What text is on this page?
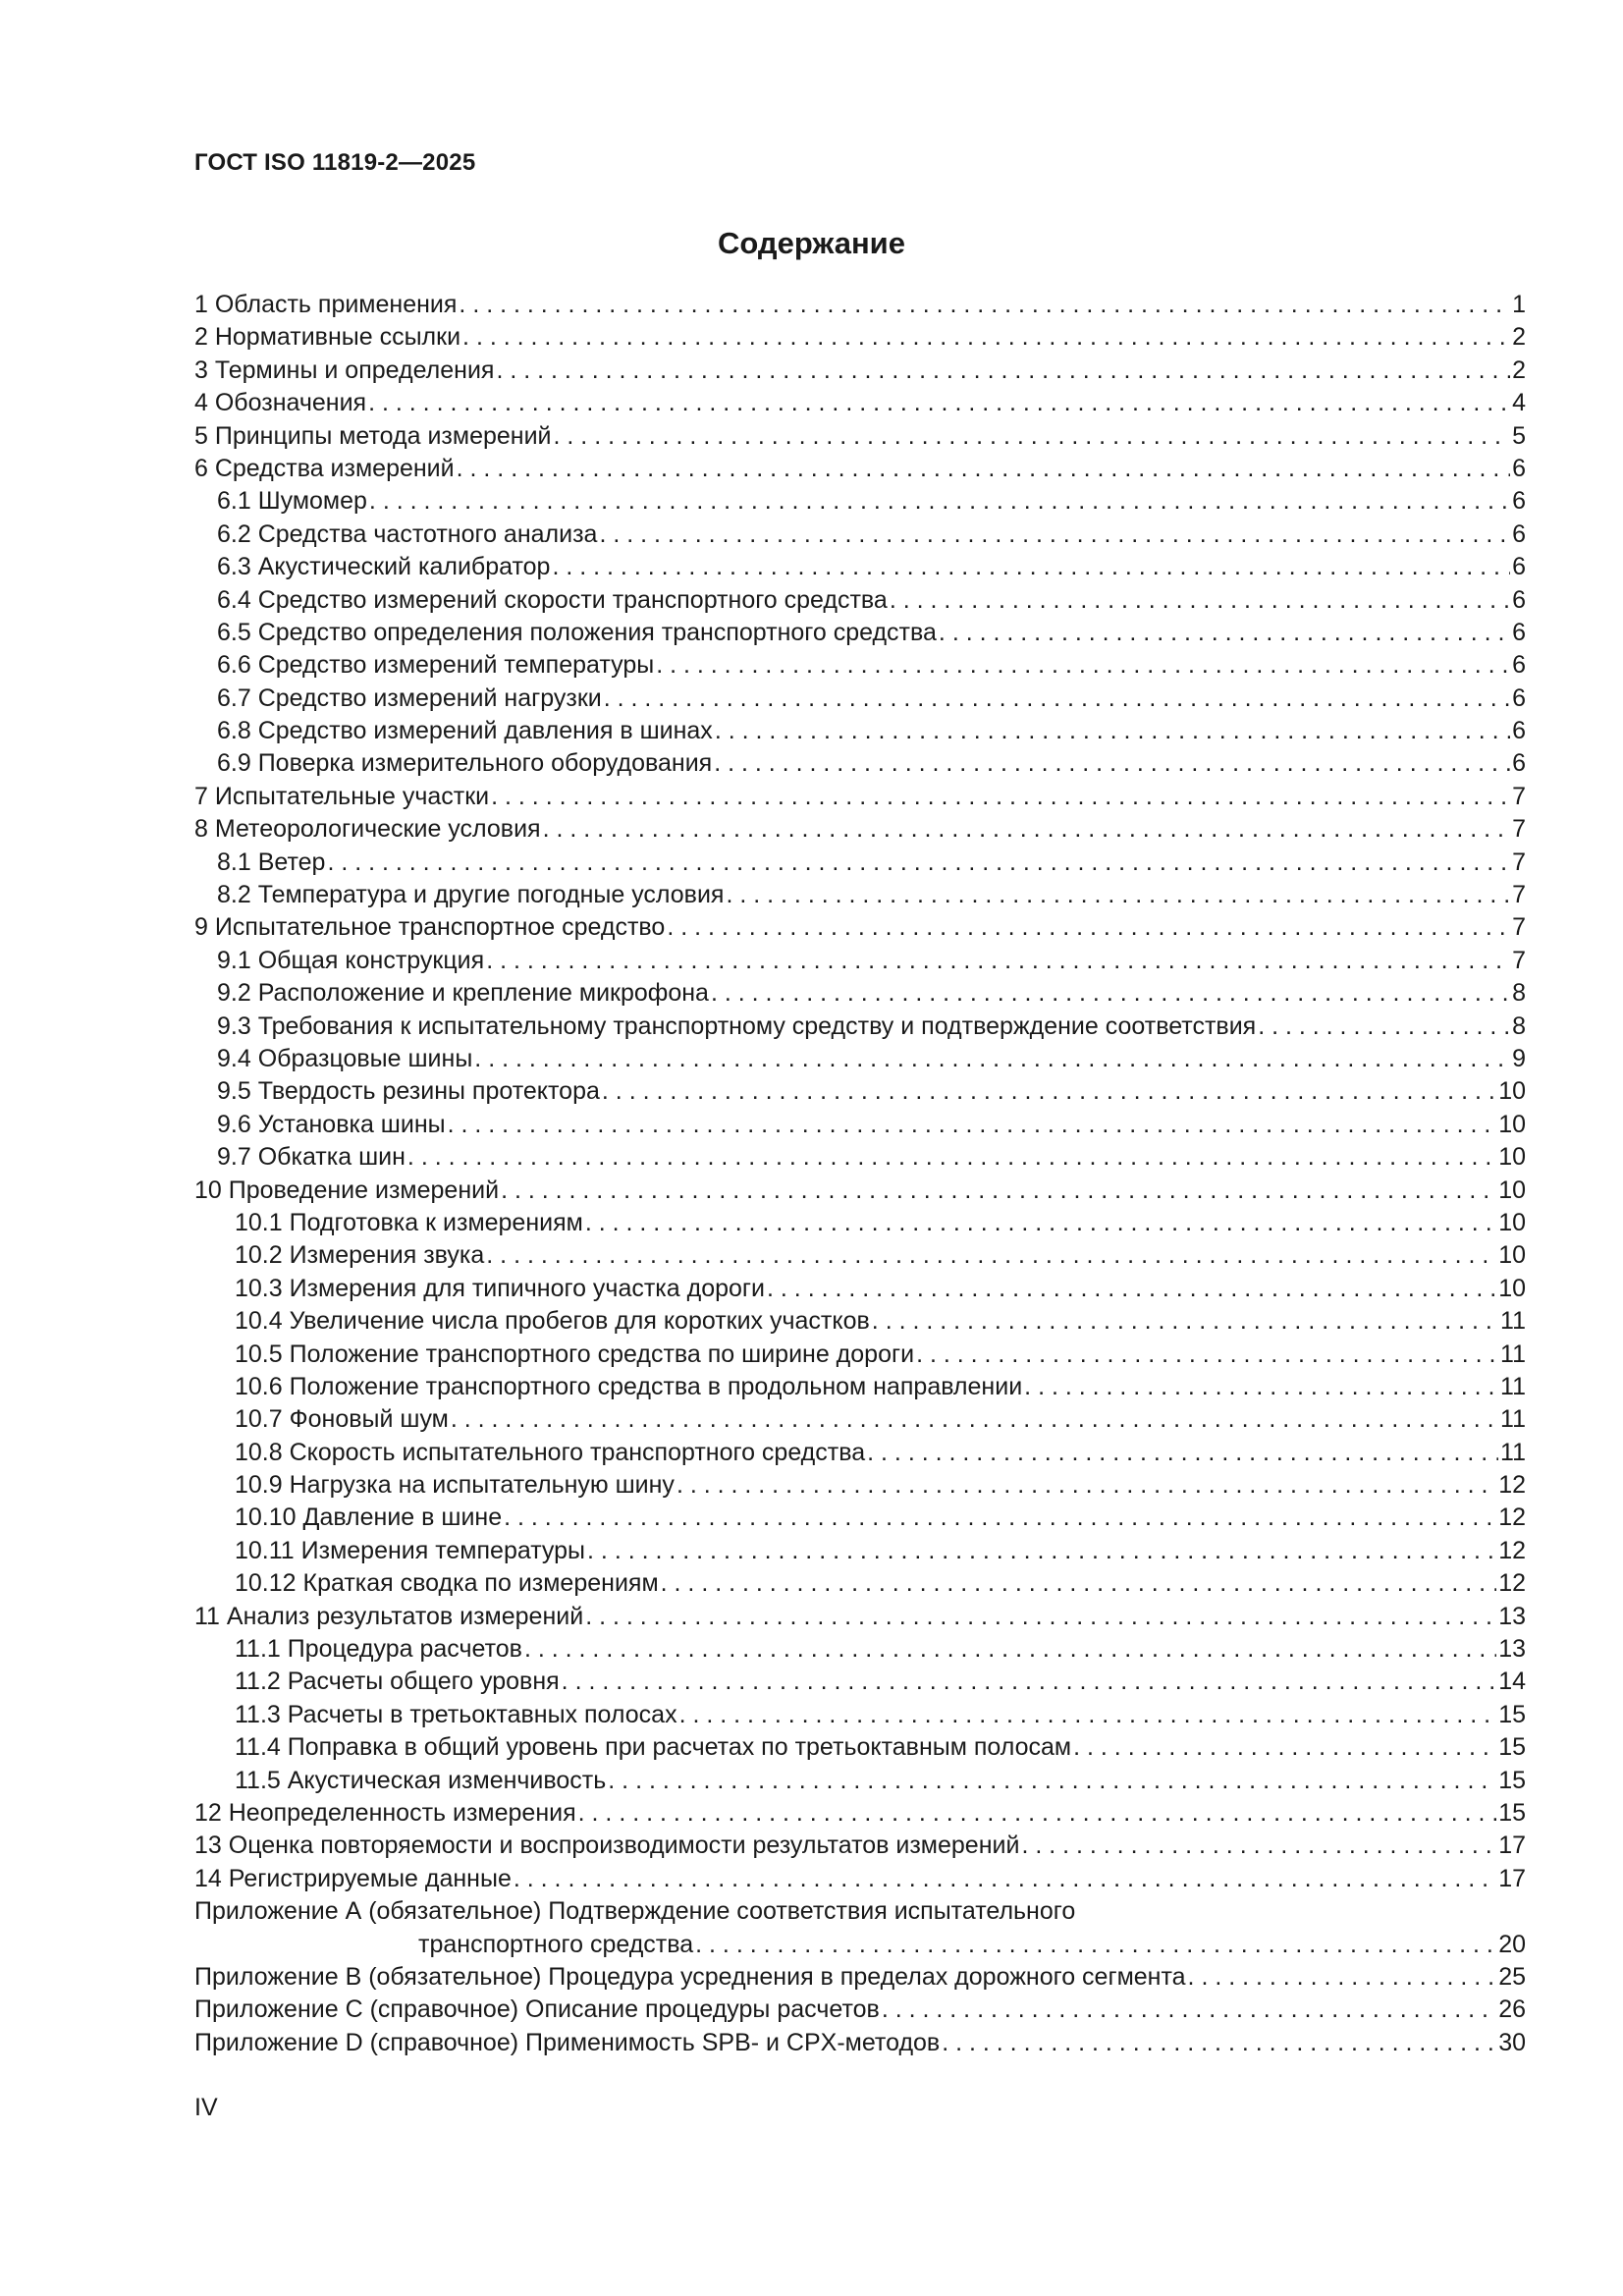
ГОСТ ISO 11819-2—2025
Содержание
1 Область применения . . .	1
2 Нормативные ссылки . . .	2
3 Термины и определения . . .	2
4 Обозначения . . .	4
5 Принципы метода измерений . . .	5
6 Средства измерений . . .	6
6.1 Шумомер . . .	6
6.2 Средства частотного анализа . . .	6
6.3 Акустический калибратор . . .	6
6.4 Средство измерений скорости транспортного средства . . .	6
6.5 Средство определения положения транспортного средства . . .	6
6.6 Средство измерений температуры . . .	6
6.7 Средство измерений нагрузки . . .	6
6.8 Средство измерений давления в шинах . . .	6
6.9 Поверка измерительного оборудования . . .	6
7 Испытательные участки . . .	7
8 Метеорологические условия . . .	7
8.1 Ветер . . .	7
8.2 Температура и другие погодные условия . . .	7
9 Испытательное транспортное средство . . .	7
9.1 Общая конструкция . . .	7
9.2 Расположение и крепление микрофона . . .	8
9.3 Требования к испытательному транспортному средству и подтверждение соответствия . . .	8
9.4 Образцовые шины . . .	9
9.5 Твердость резины протектора . . .	10
9.6 Установка шины . . .	10
9.7 Обкатка шин . . .	10
10 Проведение измерений . . .	10
10.1 Подготовка к измерениям . . .	10
10.2 Измерения звука . . .	10
10.3 Измерения для типичного участка дороги . . .	10
10.4 Увеличение числа пробегов для коротких участков . . .	11
10.5 Положение транспортного средства по ширине дороги . . .	11
10.6 Положение транспортного средства в продольном направлении . . .	11
10.7 Фоновый шум . . .	11
10.8 Скорость испытательного транспортного средства . . .	11
10.9 Нагрузка на испытательную шину . . .	12
10.10 Давление в шине . . .	12
10.11 Измерения температуры . . .	12
10.12 Краткая сводка по измерениям . . .	12
11 Анализ результатов измерений . . .	13
11.1 Процедура расчетов . . .	13
11.2 Расчеты общего уровня . . .	14
11.3 Расчеты в третьоктавных полосах . . .	15
11.4 Поправка в общий уровень при расчетах по третьоктавным полосам . . .	15
11.5 Акустическая изменчивость . . .	15
12 Неопределенность измерения . . .	15
13 Оценка повторяемости и воспроизводимости результатов измерений . . .	17
14 Регистрируемые данные . . .	17
Приложение А (обязательное) Подтверждение соответствия испытательного
транспортного средства . . .	20
Приложение В (обязательное) Процедура усреднения в пределах дорожного сегмента . . .	25
Приложение С (справочное) Описание процедуры расчетов . . .	26
Приложение D (справочное) Применимость SPB- и CPX-методов . . .	30
IV
